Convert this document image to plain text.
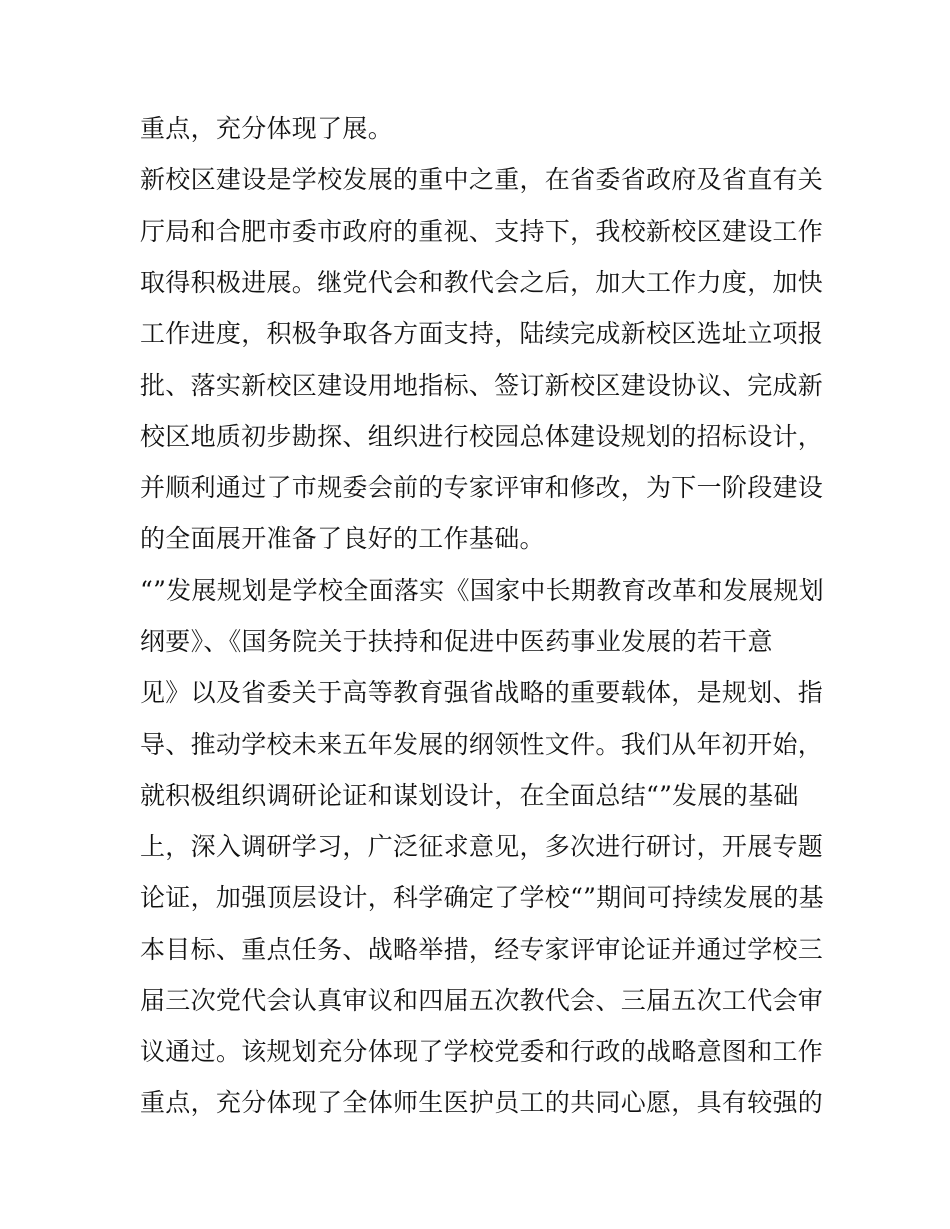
重点，充分体现了展。
新校区建设是学校发展的重中之重，在省委省政府及省直有关
厅局和合肥市委市政府的重视、支持下，我校新校区建设工作
取得积极进展。继党代会和教代会之后，加大工作力度，加快
工作进度，积极争取各方面支持，陆续完成新校区选址立项报
批、落实新校区建设用地指标、签订新校区建设协议、完成新
校区地质初步勘探、组织进行校园总体建设规划的招标设计，
并顺利通过了市规委会前的专家评审和修改，为下一阶段建设
的全面展开准备了良好的工作基础。
“”发展规划是学校全面落实《国家中长期教育改革和发展规划
纲要》、《国务院关于扶持和促进中医药事业发展的若干意
见》以及省委关于高等教育强省战略的重要载体，是规划、指
导、推动学校未来五年发展的纲领性文件。我们从年初开始，
就积极组织调研论证和谋划设计，在全面总结“”发展的基础
上，深入调研学习，广泛征求意见，多次进行研讨，开展专题
论证，加强顶层设计，科学确定了学校“”期间可持续发展的基
本目标、重点任务、战略举措，经专家评审论证并通过学校三
届三次党代会认真审议和四届五次教代会、三届五次工代会审
议通过。该规划充分体现了学校党委和行政的战略意图和工作
重点，充分体现了全体师生医护员工的共同心愿，具有较强的
